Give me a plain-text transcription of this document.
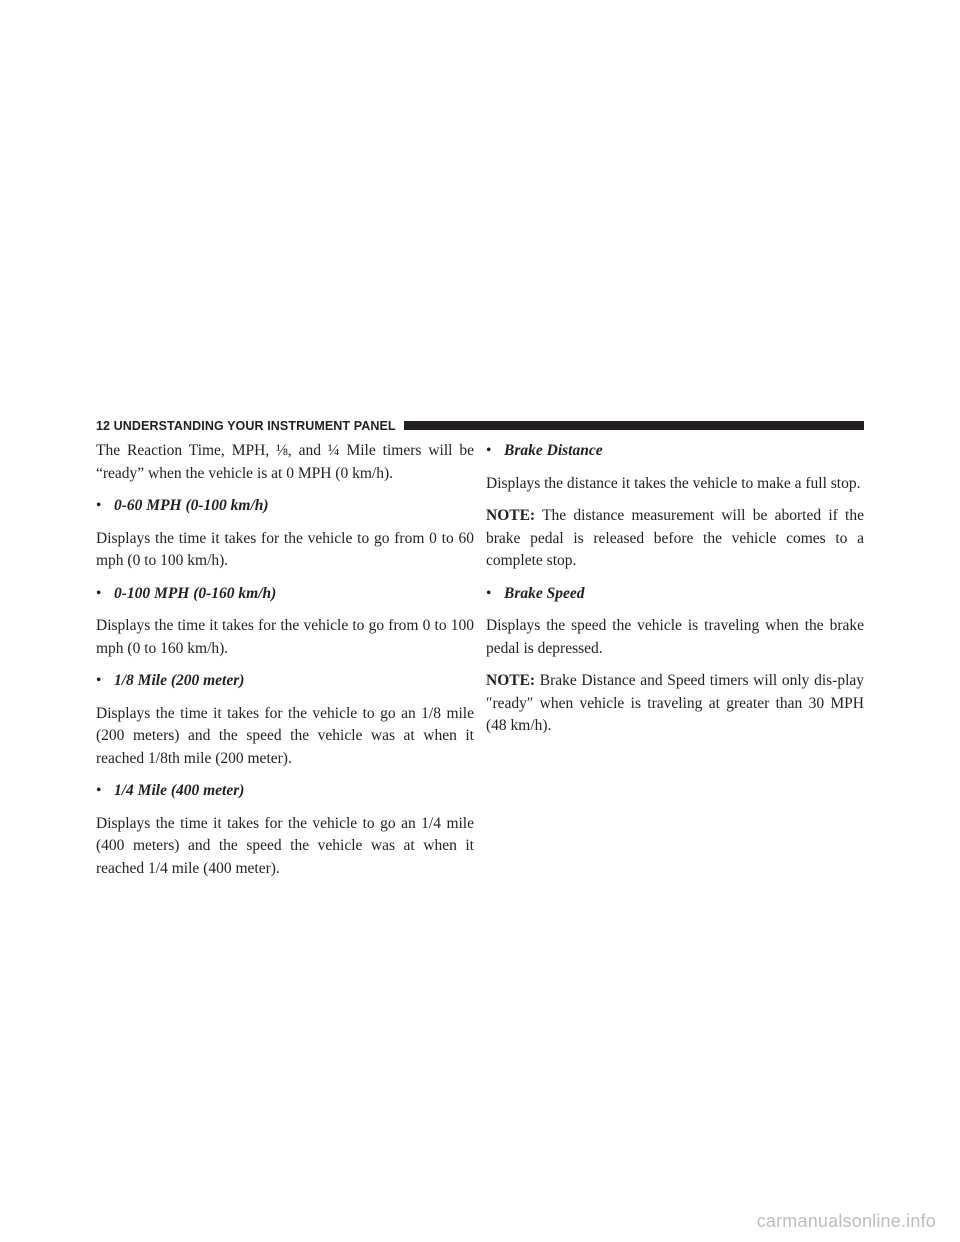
12 UNDERSTANDING YOUR INSTRUMENT PANEL

The Reaction Time, MPH, ⅛, and ¼ Mile timers will be “ready” when the vehicle is at 0 MPH (0 km/h).

• 0-60 MPH (0-100 km/h)

Displays the time it takes for the vehicle to go from 0 to 60 mph (0 to 100 km/h).

• 0-100 MPH (0-160 km/h)

Displays the time it takes for the vehicle to go from 0 to 100 mph (0 to 160 km/h).

• 1/8 Mile (200 meter)

Displays the time it takes for the vehicle to go an 1/8 mile (200 meters) and the speed the vehicle was at when it reached 1/8th mile (200 meter).

• 1/4 Mile (400 meter)

Displays the time it takes for the vehicle to go an 1/4 mile (400 meters) and the speed the vehicle was at when it reached 1/4 mile (400 meter).

• Brake Distance

Displays the distance it takes the vehicle to make a full stop.

NOTE: The distance measurement will be aborted if the brake pedal is released before the vehicle comes to a complete stop.

• Brake Speed

Displays the speed the vehicle is traveling when the brake pedal is depressed.

NOTE: Brake Distance and Speed timers will only dis-play ″ready″ when vehicle is traveling at greater than 30 MPH (48 km/h).

carmanualsonline.info
